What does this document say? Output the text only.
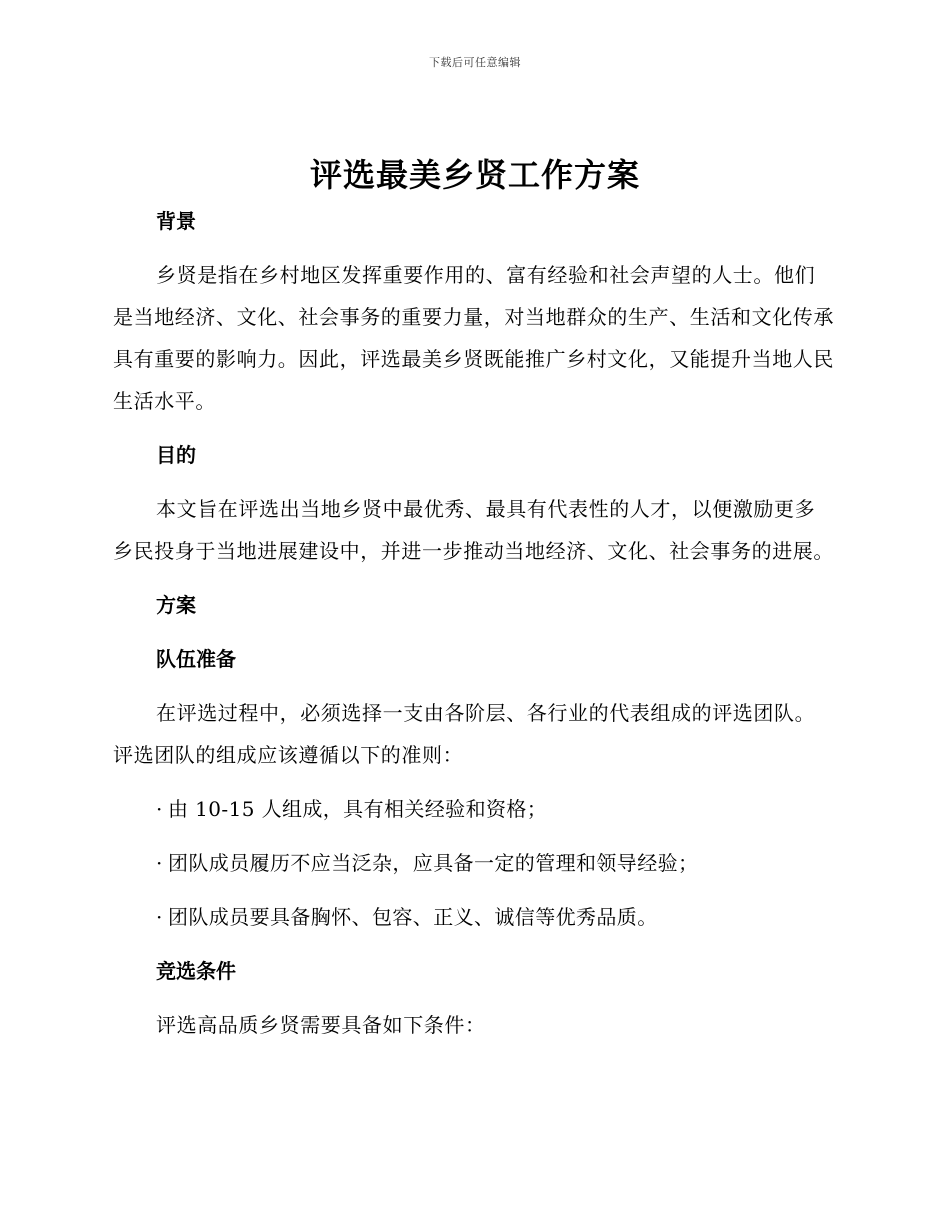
下载后可任意编辑
评选最美乡贤工作方案
背景

乡贤是指在乡村地区发挥重要作用的、富有经验和社会声望的人士。他们是当地经济、文化、社会事务的重要力量，对当地群众的生产、生活和文化传承具有重要的影响力。因此，评选最美乡贤既能推广乡村文化，又能提升当地人民生活水平。

目的

本文旨在评选出当地乡贤中最优秀、最具有代表性的人才，以便激励更多乡民投身于当地进展建设中，并进一步推动当地经济、文化、社会事务的进展。

方案
队伍准备

在评选过程中，必须选择一支由各阶层、各行业的代表组成的评选团队。评选团队的组成应该遵循以下的准则：

· 由 10-15 人组成，具有相关经验和资格；

· 团队成员履历不应当泛杂，应具备一定的管理和领导经验；

· 团队成员要具备胸怀、包容、正义、诚信等优秀品质。

竞选条件

评选高品质乡贤需要具备如下条件：
